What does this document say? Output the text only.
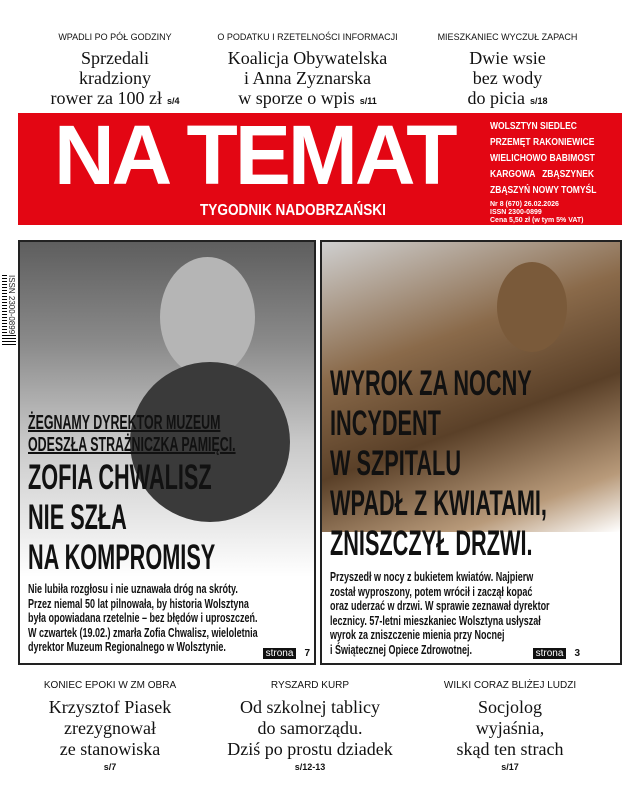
WPADLI PO PÓŁ GODZINY
Sprzedali
kradziony
rower za 100 zł s/4
O PODATKU I RZETELNOŚCI INFORMACJI
Koalicja Obywatelska
i Anna Zyznarska
w sporze o wpis s/11
MIESZKANIEC WYCZUŁ ZAPACH
Dwie wsie
bez wody
do picia s/18
NA TEMAT
TYGODNIK NADOBRZAŃSKI
WOLSZTYN SIEDLEC
PRZEMĘT RAKONIEWICE
WIELICHOWO BABIMOST
KARGOWA   ZBĄSZYNEK
ZBĄSZYŃ NOWY TOMYŚL
Nr 8 (670) 26.02.2026
ISSN 2300-0899
Cena 5,50 zł (w tym 5% VAT)
ISSN 2300-0899
ŻEGNAMY DYREKTOR MUZEUM
ODESZŁA STRAŻNICZKA PAMIĘCI.
ZOFIA CHWALISZ
NIE SZŁA
NA KOMPROMISY
Nie lubiła rozgłosu i nie uznawała dróg na skróty.
Przez niemal 50 lat pilnowała, by historia Wolsztyna
była opowiadana rzetelnie – bez błędów i uproszczeń.
W czwartek (19.02.) zmarła Zofia Chwalisz, wieloletnia
dyrektor Muzeum Regionalnego w Wolsztynie.	strona 7
WYROK ZA NOCNY
INCYDENT
W SZPITALU
WPADŁ Z KWIATAMI,
ZNISZCZYŁ DRZWI.
Przyszedł w nocy z bukietem kwiatów. Najpierw
został wyproszony, potem wrócił i zaczął kopać
oraz uderzać w drzwi. W sprawie zeznawał dyrektor
lecznicy. 57-letni mieszkaniec Wolsztyna usłyszał
wyrok za zniszczenie mienia przy Nocnej
i Świątecznej Opiece Zdrowotnej.	strona 3
KONIEC EPOKI W ZM OBRA
Krzysztof Piasek
zrezygnował
ze stanowiska
s/7
RYSZARD KURP
Od szkolnej tablicy
do samorządu.
Dziś po prostu dziadek
s/12-13
WILKI CORAZ BLIŻEJ LUDZI
Socjolog
wyjaśnia,
skąd ten strach
s/17
